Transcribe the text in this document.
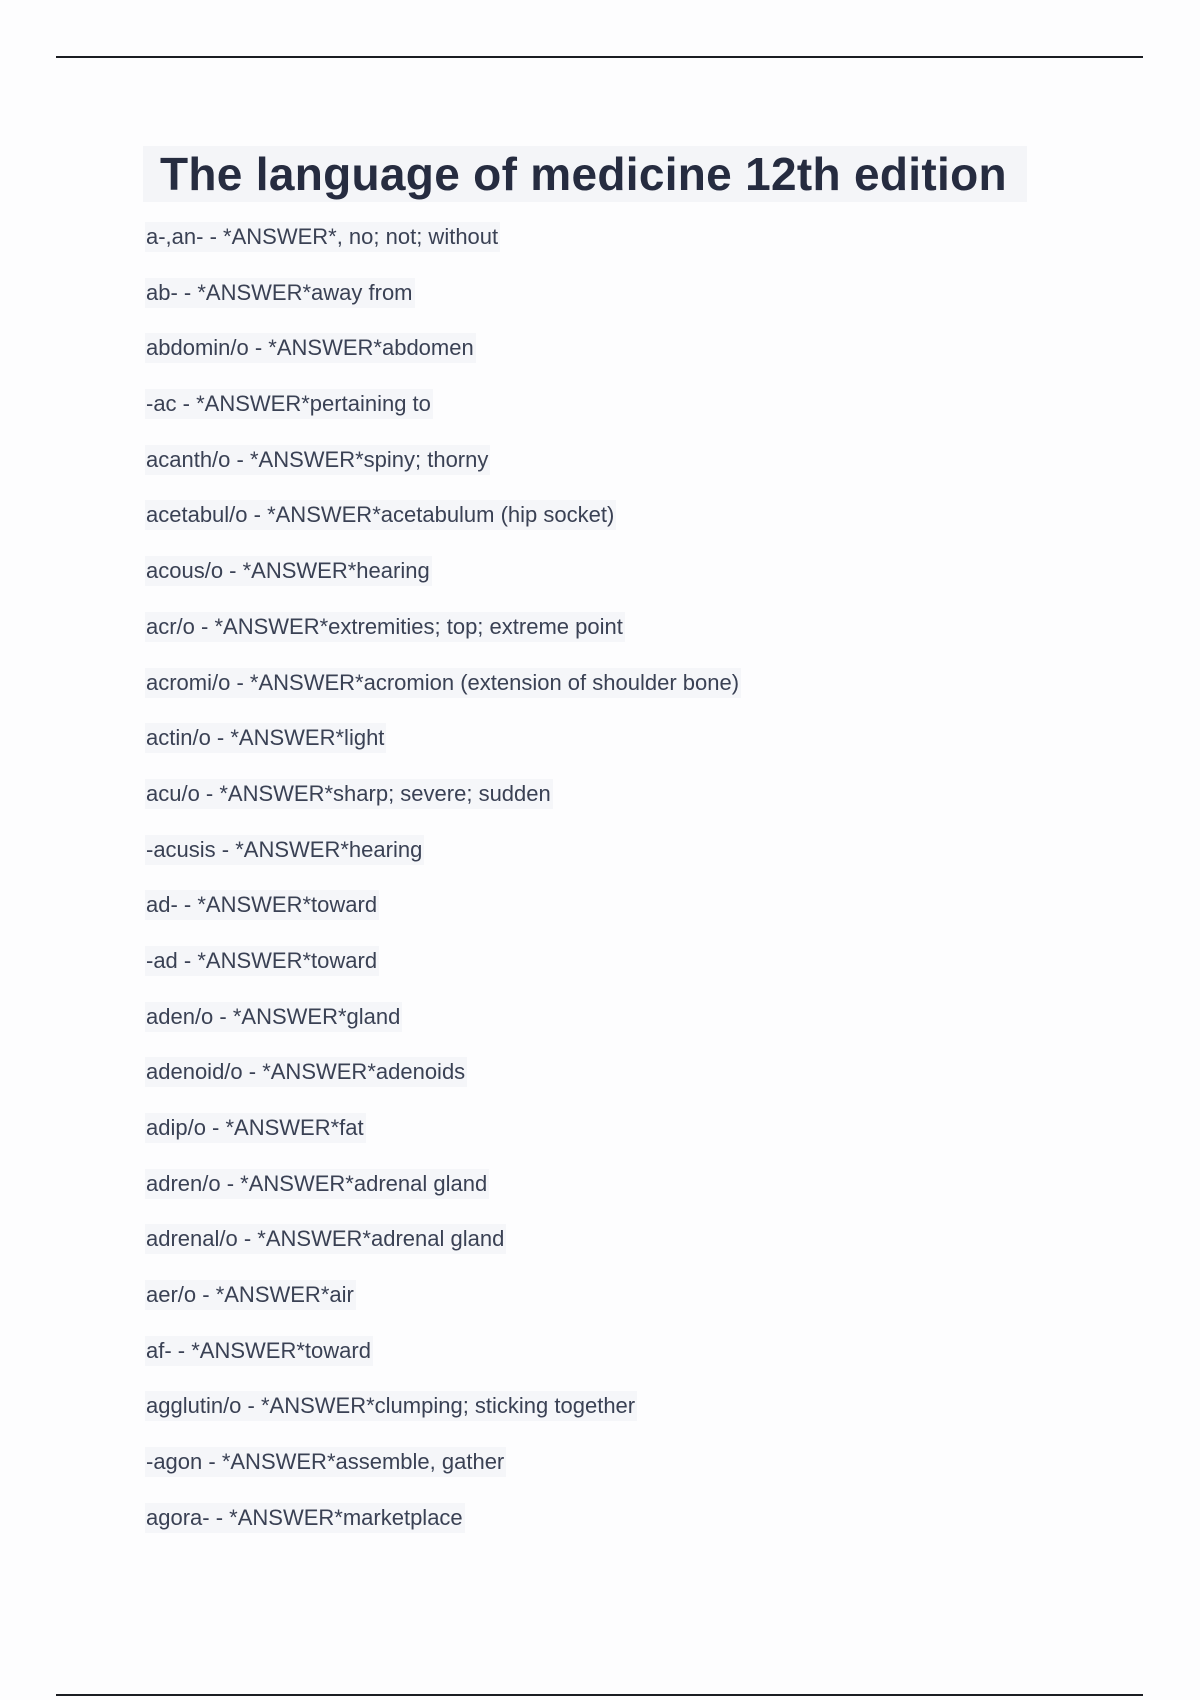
The language of medicine 12th edition
a-,an- - *ANSWER*, no; not; without
ab- - *ANSWER*away from
abdomin/o - *ANSWER*abdomen
-ac - *ANSWER*pertaining to
acanth/o - *ANSWER*spiny; thorny
acetabul/o - *ANSWER*acetabulum (hip socket)
acous/o - *ANSWER*hearing
acr/o - *ANSWER*extremities; top; extreme point
acromi/o - *ANSWER*acromion (extension of shoulder bone)
actin/o - *ANSWER*light
acu/o - *ANSWER*sharp; severe; sudden
-acusis - *ANSWER*hearing
ad- - *ANSWER*toward
-ad - *ANSWER*toward
aden/o - *ANSWER*gland
adenoid/o - *ANSWER*adenoids
adip/o - *ANSWER*fat
adren/o - *ANSWER*adrenal gland
adrenal/o - *ANSWER*adrenal gland
aer/o - *ANSWER*air
af- - *ANSWER*toward
agglutin/o - *ANSWER*clumping; sticking together
-agon - *ANSWER*assemble, gather
agora- - *ANSWER*marketplace
